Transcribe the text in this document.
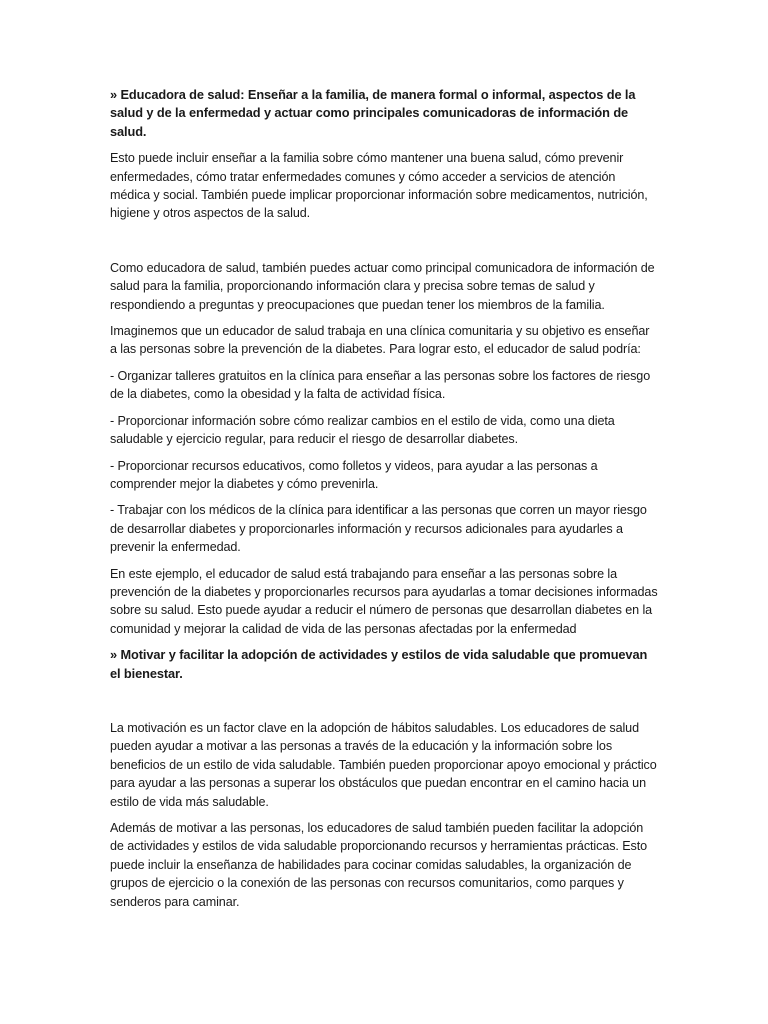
» Educadora de salud: Enseñar a la familia, de manera formal o informal, aspectos de la salud y de la enfermedad y actuar como principales comunicadoras de información de salud.

Esto puede incluir enseñar a la familia sobre cómo mantener una buena salud, cómo prevenir enfermedades, cómo tratar enfermedades comunes y cómo acceder a servicios de atención médica y social. También puede implicar proporcionar información sobre medicamentos, nutrición, higiene y otros aspectos de la salud.

Como educadora de salud, también puedes actuar como principal comunicadora de información de salud para la familia, proporcionando información clara y precisa sobre temas de salud y respondiendo a preguntas y preocupaciones que puedan tener los miembros de la familia.

Imaginemos que un educador de salud trabaja en una clínica comunitaria y su objetivo es enseñar a las personas sobre la prevención de la diabetes. Para lograr esto, el educador de salud podría:

- Organizar talleres gratuitos en la clínica para enseñar a las personas sobre los factores de riesgo de la diabetes, como la obesidad y la falta de actividad física.

- Proporcionar información sobre cómo realizar cambios en el estilo de vida, como una dieta saludable y ejercicio regular, para reducir el riesgo de desarrollar diabetes.

- Proporcionar recursos educativos, como folletos y videos, para ayudar a las personas a comprender mejor la diabetes y cómo prevenirla.

- Trabajar con los médicos de la clínica para identificar a las personas que corren un mayor riesgo de desarrollar diabetes y proporcionarles información y recursos adicionales para ayudarles a prevenir la enfermedad.

En este ejemplo, el educador de salud está trabajando para enseñar a las personas sobre la prevención de la diabetes y proporcionarles recursos para ayudarlas a tomar decisiones informadas sobre su salud. Esto puede ayudar a reducir el número de personas que desarrollan diabetes en la comunidad y mejorar la calidad de vida de las personas afectadas por la enfermedad

» Motivar y facilitar la adopción de actividades y estilos de vida saludable que promuevan el bienestar.

La motivación es un factor clave en la adopción de hábitos saludables. Los educadores de salud pueden ayudar a motivar a las personas a través de la educación y la información sobre los beneficios de un estilo de vida saludable. También pueden proporcionar apoyo emocional y práctico para ayudar a las personas a superar los obstáculos que puedan encontrar en el camino hacia un estilo de vida más saludable.

Además de motivar a las personas, los educadores de salud también pueden facilitar la adopción de actividades y estilos de vida saludable proporcionando recursos y herramientas prácticas. Esto puede incluir la enseñanza de habilidades para cocinar comidas saludables, la organización de grupos de ejercicio o la conexión de las personas con recursos comunitarios, como parques y senderos para caminar.
